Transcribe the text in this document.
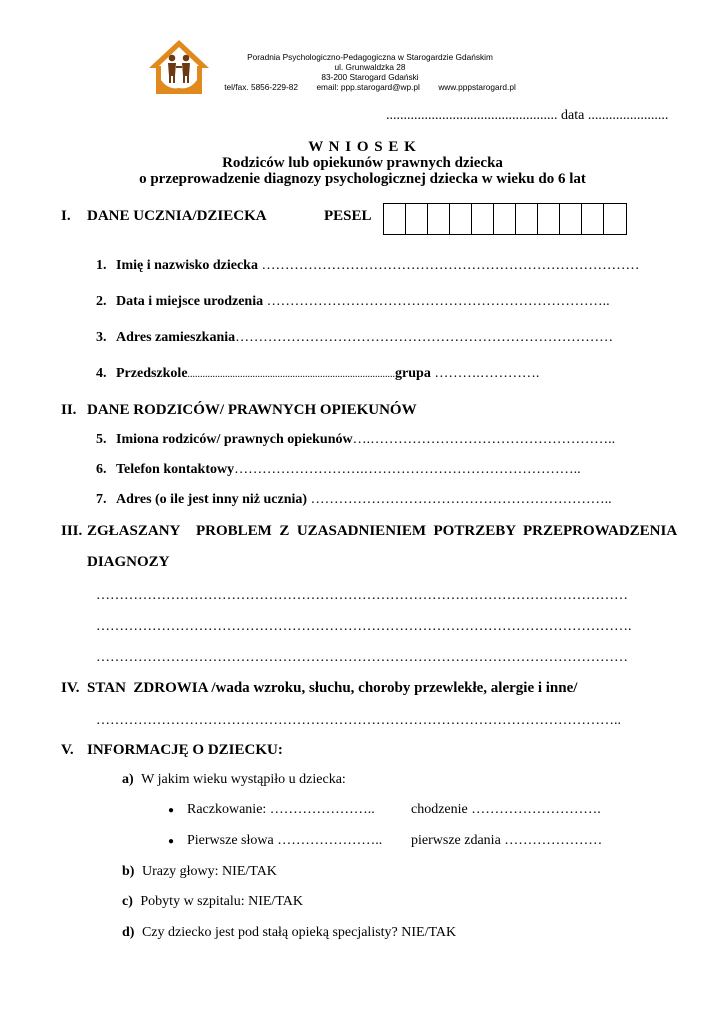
Poradnia Psychologiczno-Pedagogiczna w Starogardzie Gdańskim
ul. Grunwaldzka 28
83-200 Starogard Gdański
tel/fax. 5856-229-82        email: ppp.starogard@wp.pl        www.pppstarogard.pl
................................................. data .......................
W N I O S E K
Rodziców lub opiekunów prawnych dziecka
o przeprowadzenie diagnozy psychologicznej dziecka w wieku do 6 lat
I. DANE UCZNIA/DZIECKA	PESEL
1. Imię i nazwisko dziecka ………………………………………………………………………
2. Data i miejsce urodzenia ………………………………………………………………..
3. Adres zamieszkania………………………………………………………………………
4. Przedszkole...................................................................................grupa ……….………….
II. DANE RODZICÓW/ PRAWNYCH OPIEKUNÓW
5. Imiona rodziców/ prawnych opiekunów….……………………………………………..
6. Telefon kontaktowy……………………….………………………………………..
7. Adres (o ile jest inny niż ucznia) ………………………………………………………..
III. ZGŁASZANY PROBLEM  Z  UZASADNIENIEM  POTRZEBY  PRZEPROWADZENIA
DIAGNOZY
……………………………………………………………………………………………………
…………………………………………………………………………………………………….
……………………………………………………………………………………………………
IV. STAN  ZDROWIA /wada wzroku, słuchu, choroby przewlekłe, alergie i inne/
…………………………………………………………………………………………………..
V. INFORMACJĘ O DZIECKU:
a) W jakim wieku wystąpiło u dziecka:
● Raczkowanie: …………………..	chodzenie ……………………….
● Pierwsze słowa ………………….. pierwsze zdania …………………
b) Urazy głowy: NIE/TAK
c) Pobyty w szpitalu: NIE/TAK
d) Czy dziecko jest pod stałą opieką specjalisty? NIE/TAK
